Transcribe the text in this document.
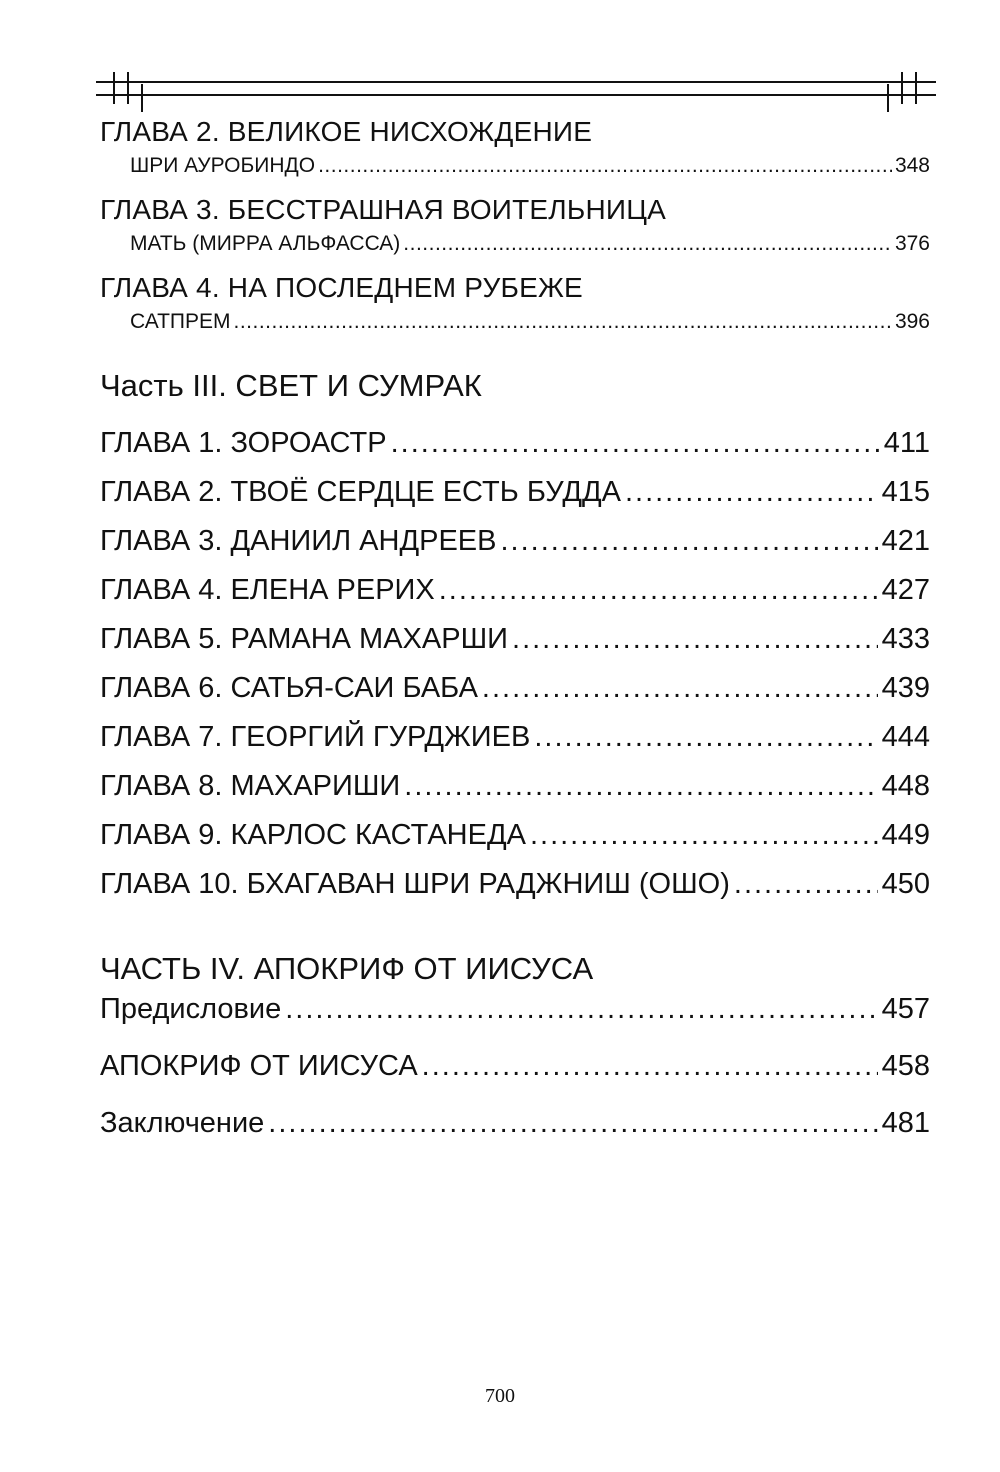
ГЛАВА 2. ВЕЛИКОЕ НИСХОЖДЕНИЕ
ШРИ АУРОБИНДО .....	348
ГЛАВА 3. БЕССТРАШНАЯ ВОИТЕЛЬНИЦА
МАТЬ (МИРРА АЛЬФАССА) .....	376
ГЛАВА 4. НА ПОСЛЕДНЕМ РУБЕЖЕ
САТПРЕМ .....	396
Часть III. СВЕТ И СУМРАК
ГЛАВА 1. ЗОРОАСТР .....	411
ГЛАВА 2. ТВОЁ СЕРДЦЕ ЕСТЬ БУДДА .....	415
ГЛАВА 3. ДАНИИЛ АНДРЕЕВ .....	421
ГЛАВА 4. ЕЛЕНА РЕРИХ .....	427
ГЛАВА 5. РАМАНА МАХАРШИ .....	433
ГЛАВА 6. САТЬЯ-САИ БАБА .....	439
ГЛАВА 7. ГЕОРГИЙ ГУРДЖИЕВ .....	444
ГЛАВА 8. МАХАРИШИ .....	448
ГЛАВА 9. КАРЛОС КАСТАНЕДА .....	449
ГЛАВА 10. БХАГАВАН ШРИ РАДЖНИШ (ОШО) .....	450
ЧАСТЬ IV. АПОКРИФ ОТ ИИСУСА
Предисловие .....	457
АПОКРИФ ОТ ИИСУСА .....	458
Заключение .....	481
700
